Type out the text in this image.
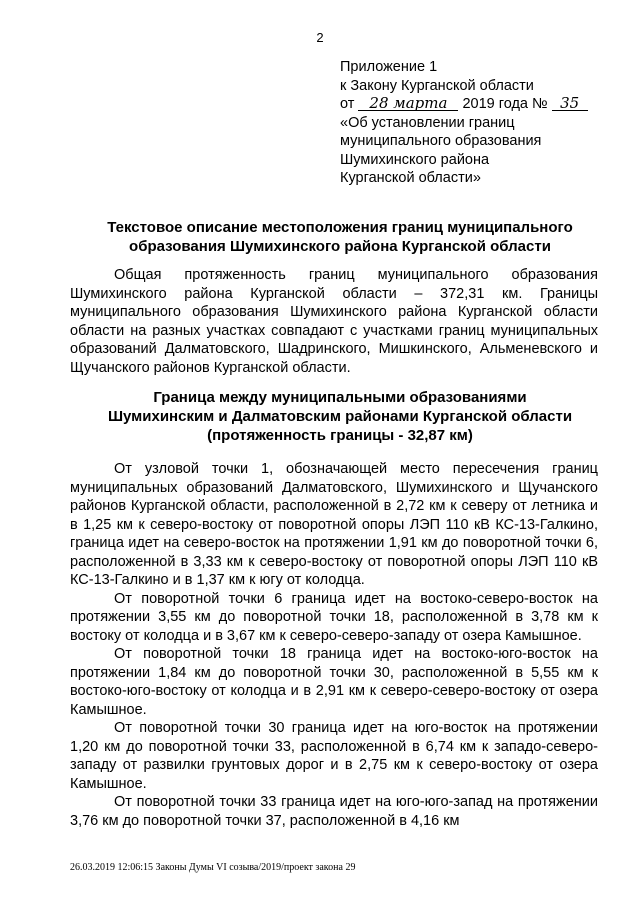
2
Приложение 1
к Закону Курганской области
от 28 марта 2019 года № 35
«Об установлении границ
муниципального образования
Шумихинского района
Курганской области»
Текстовое описание местоположения границ муниципального
образования Шумихинского района Курганской области

Общая протяженность границ муниципального образования Шумихинского района Курганской области – 372,31 км. Границы муниципального образования Шумихинского района Курганской области области на разных участках совпадают с участками границ муниципальных образований Далматовского, Шадринского, Мишкинского, Альменевского и Щучанского районов Курганской области.

Граница между муниципальными образованиями
Шумихинским и Далматовским районами Курганской области
(протяженность границы - 32,87 км)

От узловой точки 1, обозначающей место пересечения границ муниципальных образований Далматовского, Шумихинского и Щучанского районов Курганской области, расположенной в 2,72 км к северу от летника и в 1,25 км к северо-востоку от поворотной опоры ЛЭП 110 кВ КС-13-Галкино, граница идет на северо-восток на протяжении 1,91 км до поворотной точки 6, расположенной в 3,33 км к северо-востоку от поворотной опоры ЛЭП 110 кВ КС-13-Галкино и в 1,37 км к югу от колодца.

От поворотной точки 6 граница идет на востоко-северо-восток на протяжении 3,55 км до поворотной точки 18, расположенной в 3,78 км к востоку от колодца и в 3,67 км к северо-северо-западу от озера Камышное.

От поворотной точки 18 граница идет на востоко-юго-восток на протяжении 1,84 км до поворотной точки 30, расположенной в 5,55 км к востоко-юго-востоку от колодца и в 2,91 км к северо-северо-востоку от озера Камышное.

От поворотной точки 30 граница идет на юго-восток на протяжении 1,20 км до поворотной точки 33, расположенной в 6,74 км к западо-северо-западу от развилки грунтовых дорог и в 2,75 км к северо-востоку от озера Камышное.

От поворотной точки 33 граница идет на юго-юго-запад на протяжении 3,76 км до поворотной точки 37, расположенной в 4,16 км

26.03.2019 12:06:15 Законы Думы VI созыва/2019/проект закона 29
